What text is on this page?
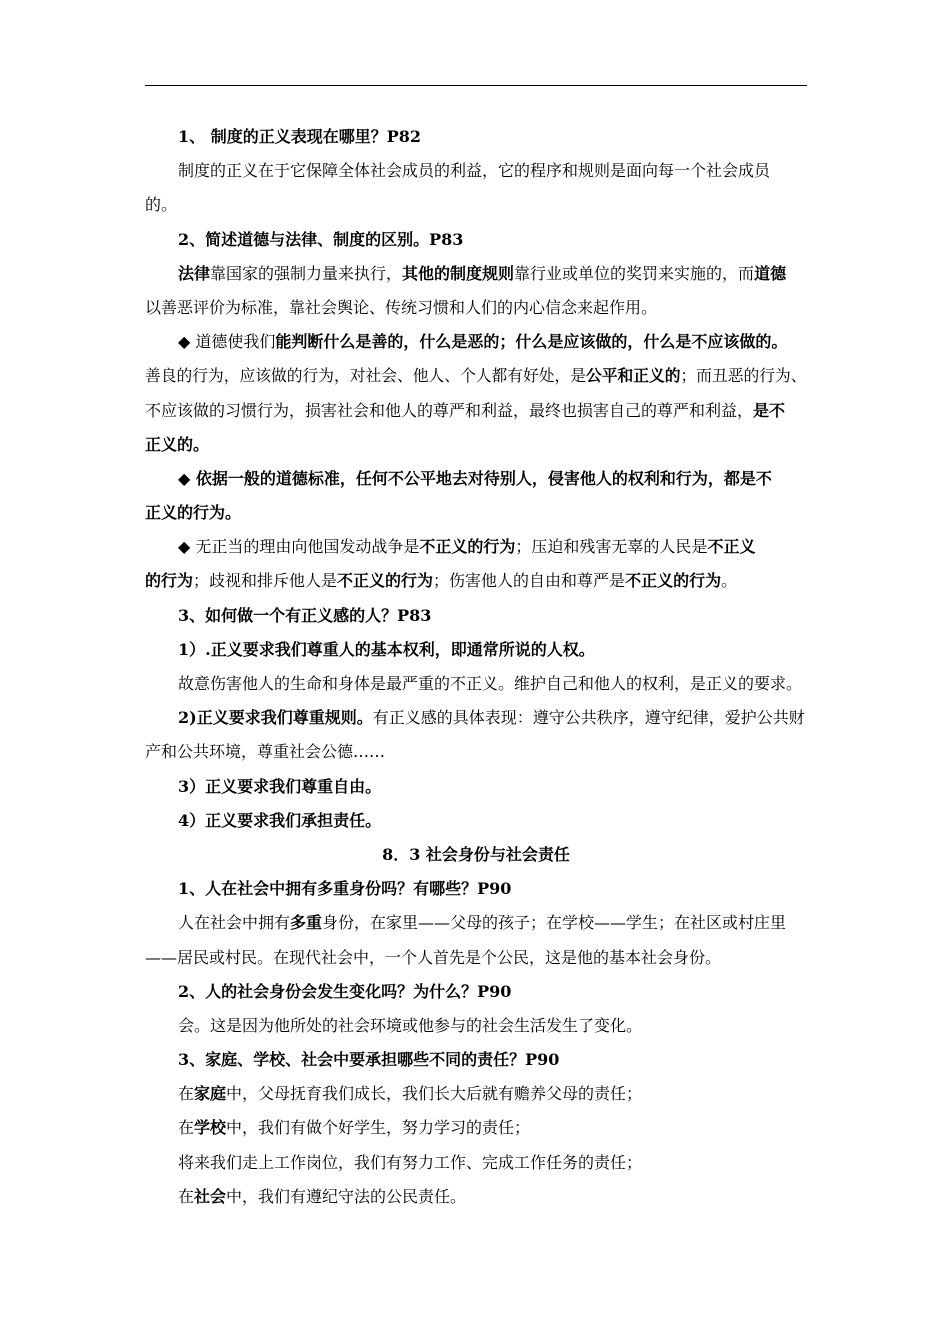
1、 制度的正义表现在哪里？P82
制度的正义在于它保障全体社会成员的利益，它的程序和规则是面向每一个社会成员
的。
2、简述道德与法律、制度的区别。P83
法律靠国家的强制力量来执行，其他的制度规则靠行业或单位的奖罚来实施的，而道德
以善恶评价为标准，靠社会舆论、传统习惯和人们的内心信念来起作用。
◆ 道德使我们能判断什么是善的，什么是恶的；什么是应该做的，什么是不应该做的。
善良的行为，应该做的行为，对社会、他人、个人都有好处，是公平和正义的；而丑恶的行为、
不应该做的习惯行为，损害社会和他人的尊严和利益，最终也损害自己的尊严和利益，是不
正义的。
◆ 依据一般的道德标准，任何不公平地去对待别人，侵害他人的权利和行为，都是不
正义的行为。
◆ 无正当的理由向他国发动战争是不正义的行为；压迫和残害无辜的人民是不正义
的行为；歧视和排斥他人是不正义的行为；伤害他人的自由和尊严是不正义的行为。
3、如何做一个有正义感的人？P83
1）.正义要求我们尊重人的基本权利，即通常所说的人权。
故意伤害他人的生命和身体是最严重的不正义。维护自己和他人的权利，是正义的要求。
2)正义要求我们尊重规则。有正义感的具体表现：遵守公共秩序，遵守纪律，爱护公共财
产和公共环境，尊重社会公德……
3）正义要求我们尊重自由。
4）正义要求我们承担责任。
8．3 社会身份与社会责任
1、人在社会中拥有多重身份吗？有哪些？P90
人在社会中拥有多重身份，在家里——父母的孩子；在学校——学生；在社区或村庄里
——居民或村民。在现代社会中，一个人首先是个公民，这是他的基本社会身份。
2、人的社会身份会发生变化吗？为什么？P90
会。这是因为他所处的社会环境或他参与的社会生活发生了变化。
3、家庭、学校、社会中要承担哪些不同的责任？P90
在家庭中，父母抚育我们成长，我们长大后就有赡养父母的责任；
在学校中，我们有做个好学生，努力学习的责任；
将来我们走上工作岗位，我们有努力工作、完成工作任务的责任；
在社会中，我们有遵纪守法的公民责任。
